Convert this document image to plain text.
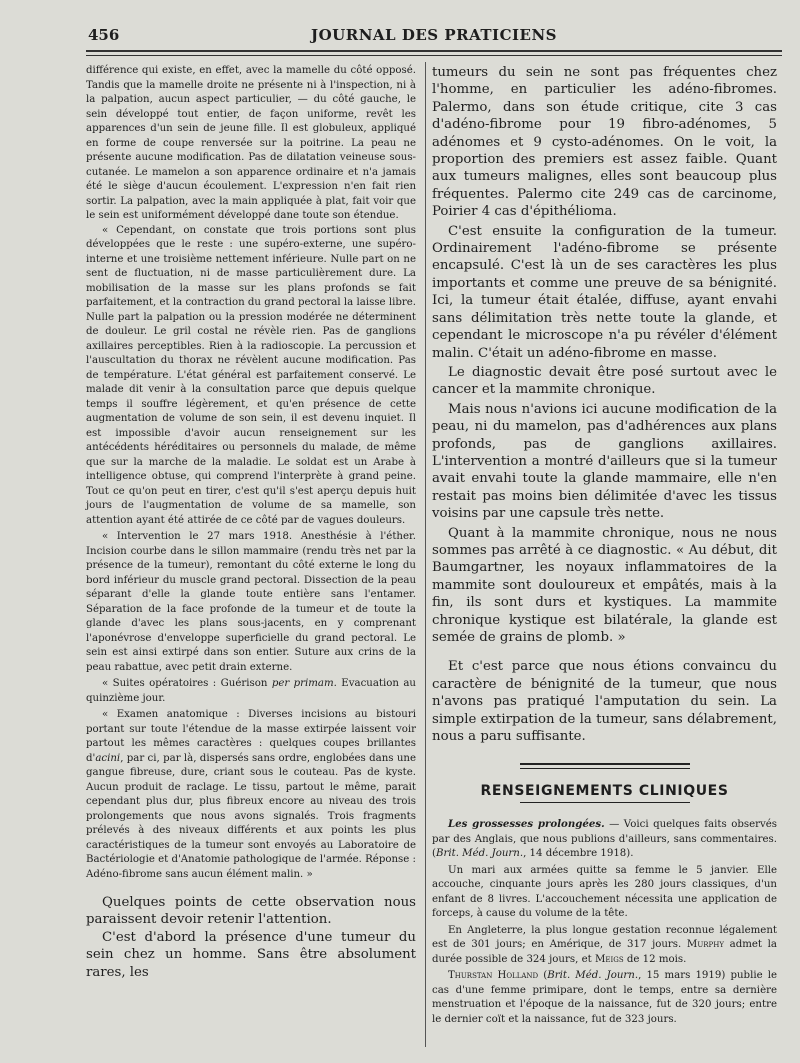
456	JOURNAL DES PRATICIENS

différence qui existe, en effet, avec la mamelle du côté opposé. Tandis que la mamelle droite ne présente ni à l'inspection, ni à la palpation, aucun aspect particulier, — du côté gauche, le sein développé tout entier, de façon uniforme, revêt les apparences d'un sein de jeune fille. Il est globuleux, appliqué en forme de coupe renversée sur la poitrine. La peau ne présente aucune modification. Pas de dilatation veineuse sous-cutanée. Le mamelon a son apparence ordinaire et n'a jamais été le siège d'aucun écoulement. L'expression n'en fait rien sortir. La palpation, avec la main appliquée à plat, fait voir que le sein est uniformément développé dane toute son étendue.

« Cependant, on constate que trois portions sont plus développées que le reste : une supéro-externe, une supéro-interne et une troisième nettement inférieure. Nulle part on ne sent de fluctuation, ni de masse particulièrement dure. La mobilisation de la masse sur les plans profonds se fait parfaitement, et la contraction du grand pectoral la laisse libre. Nulle part la palpation ou la pression modérée ne déterminent de douleur. Le gril costal ne révèle rien. Pas de ganglions axillaires perceptibles. Rien à la radioscopie. La percussion et l'auscultation du thorax ne révèlent aucune modification. Pas de température. L'état général est parfaitement conservé. Le malade dit venir à la consultation parce que depuis quelque temps il souffre légèrement, et qu'en présence de cette augmentation de volume de son sein, il est devenu inquiet. Il est impossible d'avoir aucun renseignement sur les antécédents héréditaires ou personnels du malade, de même que sur la marche de la maladie. Le soldat est un Arabe à intelligence obtuse, qui comprend l'interprète à grand peine. Tout ce qu'on peut en tirer, c'est qu'il s'est aperçu depuis huit jours de l'augmentation de volume de sa mamelle, son attention ayant été attirée de ce côté par de vagues douleurs.

« Intervention le 27 mars 1918. Anesthésie à l'éther. Incision courbe dans le sillon mammaire (rendu très net par la présence de la tumeur), remontant du côté externe le long du bord inférieur du muscle grand pectoral. Dissection de la peau séparant d'elle la glande toute entière sans l'entamer. Séparation de la face profonde de la tumeur et de toute la glande d'avec les plans sous-jacents, en y comprenant l'aponévrose d'enveloppe superficielle du grand pectoral. Le sein est ainsi extirpé dans son entier. Suture aux crins de la peau rabattue, avec petit drain externe.

« Suites opératoires : Guérison per primam. Evacuation au quinzième jour.

« Examen anatomique : Diverses incisions au bistouri portant sur toute l'étendue de la masse extirpée laissent voir partout les mêmes caractères : quelques coupes brillantes d'acini, par ci, par là, dispersés sans ordre, englobées dans une gangue fibreuse, dure, criant sous le couteau. Pas de kyste. Aucun produit de raclage. Le tissu, partout le même, parait cependant plus dur, plus fibreux encore au niveau des trois prolongements que nous avons signalés. Trois fragments prélevés à des niveaux différents et aux points les plus caractéristiques de la tumeur sont envoyés au Laboratoire de Bactériologie et d'Anatomie pathologique de l'armée. Réponse : Adéno-fibrome sans aucun élément malin. »

Quelques points de cette observation nous paraissent devoir retenir l'attention.

C'est d'abord la présence d'une tumeur du sein chez un homme. Sans être absolument rares, les

tumeurs du sein ne sont pas fréquentes chez l'homme, en particulier les adéno-fibromes. Palermo, dans son étude critique, cite 3 cas d'adéno-fibrome pour 19 fibro-adénomes, 5 adénomes et 9 cysto-adénomes. On le voit, la proportion des premiers est assez faible. Quant aux tumeurs malignes, elles sont beaucoup plus fréquentes. Palermo cite 249 cas de carcinome, Poirier 4 cas d'épithélioma.

C'est ensuite la configuration de la tumeur. Ordinairement l'adéno-fibrome se présente encapsulé. C'est là un de ses caractères les plus importants et comme une preuve de sa bénignité. Ici, la tumeur était étalée, diffuse, ayant envahi sans délimitation très nette toute la glande, et cependant le microscope n'a pu révéler d'élément malin. C'était un adéno-fibrome en masse.

Le diagnostic devait être posé surtout avec le cancer et la mammite chronique.

Mais nous n'avions ici aucune modification de la peau, ni du mamelon, pas d'adhérences aux plans profonds, pas de ganglions axillaires. L'intervention a montré d'ailleurs que si la tumeur avait envahi toute la glande mammaire, elle n'en restait pas moins bien délimitée d'avec les tissus voisins par une capsule très nette.

Quant à la mammite chronique, nous ne nous sommes pas arrêté à ce diagnostic. « Au début, dit Baumgartner, les noyaux inflammatoires de la mammite sont douloureux et empâtés, mais à la fin, ils sont durs et kystiques. La mammite chronique kystique est bilatérale, la glande est semée de grains de plomb. »

Et c'est parce que nous étions convaincu du caractère de bénignité de la tumeur, que nous n'avons pas pratiqué l'amputation du sein. La simple extirpation de la tumeur, sans délabrement, nous a paru suffisante.

RENSEIGNEMENTS CLINIQUES

Les grossesses prolongées. — Voici quelques faits observés par des Anglais, que nous publions d'ailleurs, sans commentaires. (Brit. Méd. Journ., 14 décembre 1918).

Un mari aux armées quitte sa femme le 5 janvier. Elle accouche, cinquante jours après les 280 jours classiques, d'un enfant de 8 livres. L'accouchement nécessita une application de forceps, à cause du volume de la tête.

En Angleterre, la plus longue gestation reconnue légalement est de 301 jours; en Amérique, de 317 jours. Murphy admet la durée possible de 324 jours, et Meigs de 12 mois.

Thurstan Holland (Brit. Méd. Journ., 15 mars 1919) publie le cas d'une femme primipare, dont le temps, entre sa dernière menstruation et l'époque de la naissance, fut de 320 jours; entre le dernier coït et la naissance, fut de 323 jours.
